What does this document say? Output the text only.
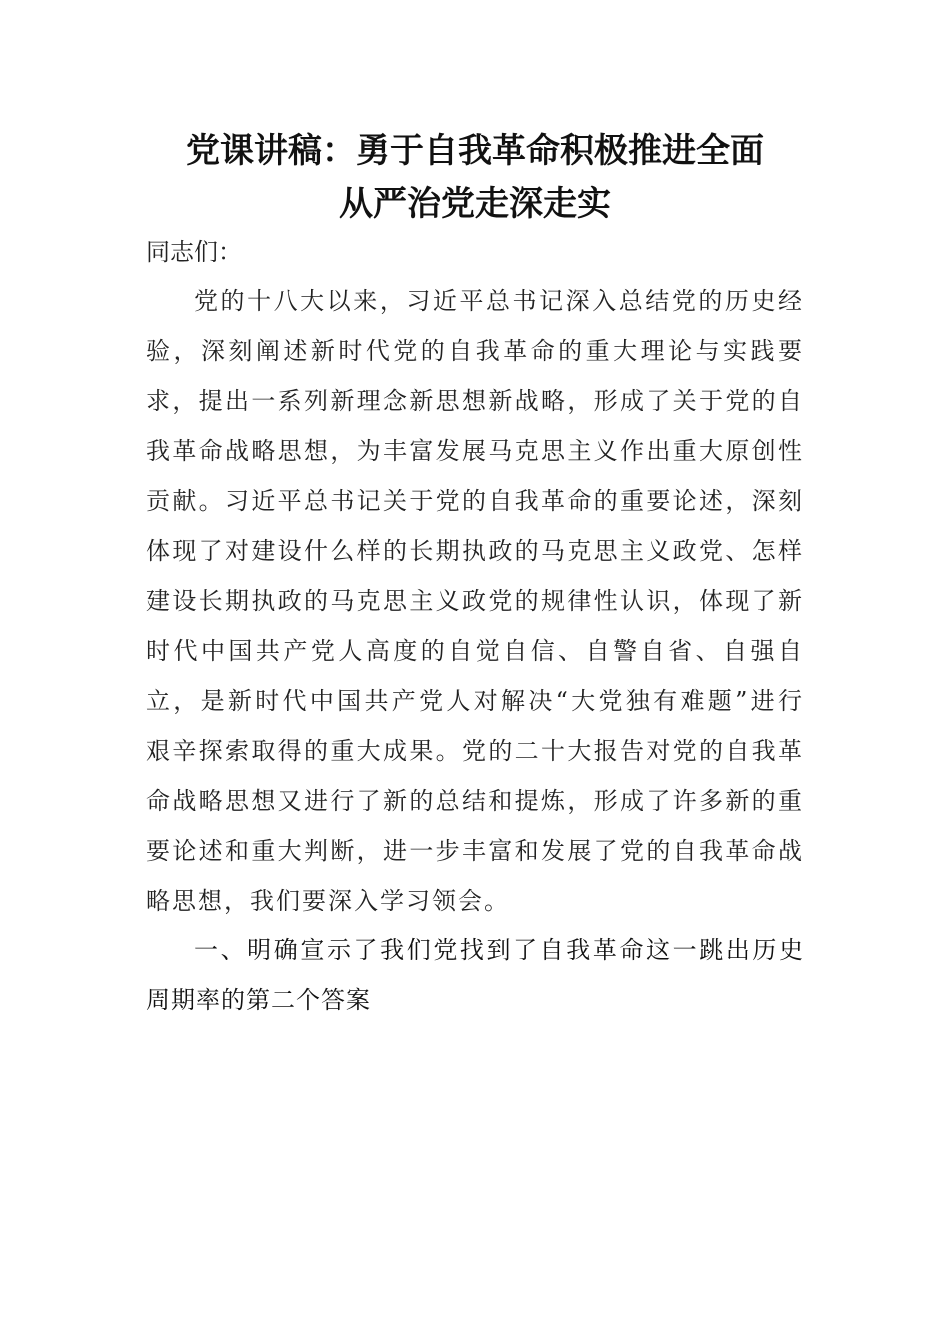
党课讲稿：勇于自我革命积极推进全面
从严治党走深走实

同志们：

党的十八大以来，习近平总书记深入总结党的历史经
验，深刻阐述新时代党的自我革命的重大理论与实践要
求，提出一系列新理念新思想新战略，形成了关于党的自
我革命战略思想，为丰富发展马克思主义作出重大原创性
贡献。习近平总书记关于党的自我革命的重要论述，深刻
体现了对建设什么样的长期执政的马克思主义政党、怎样
建设长期执政的马克思主义政党的规律性认识，体现了新
时代中国共产党人高度的自觉自信、自警自省、自强自
立，是新时代中国共产党人对解决“大党独有难题”进行
艰辛探索取得的重大成果。党的二十大报告对党的自我革
命战略思想又进行了新的总结和提炼，形成了许多新的重
要论述和重大判断，进一步丰富和发展了党的自我革命战
略思想，我们要深入学习领会。
一、明确宣示了我们党找到了自我革命这一跳出历史
周期率的第二个答案
